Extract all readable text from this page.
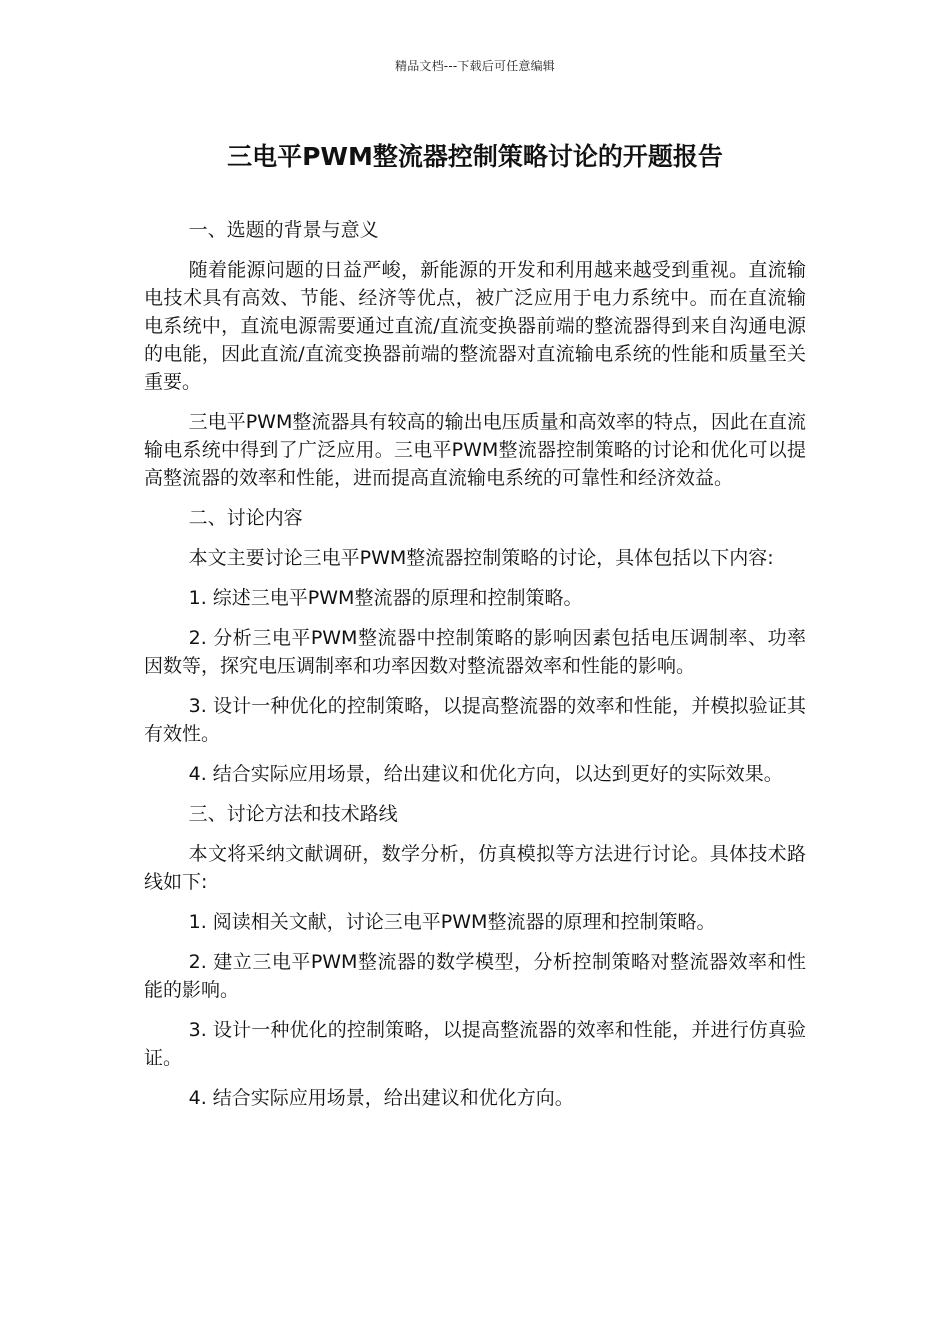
精品文档---下载后可任意编辑
三电平PWM整流器控制策略讨论的开题报告

一、选题的背景与意义

随着能源问题的日益严峻，新能源的开发和利用越来越受到重视。直流输电技术具有高效、节能、经济等优点，被广泛应用于电力系统中。而在直流输电系统中，直流电源需要通过直流/直流变换器前端的整流器得到来自沟通电源的电能，因此直流/直流变换器前端的整流器对直流输电系统的性能和质量至关重要。

三电平PWM整流器具有较高的输出电压质量和高效率的特点，因此在直流输电系统中得到了广泛应用。三电平PWM整流器控制策略的讨论和优化可以提高整流器的效率和性能，进而提高直流输电系统的可靠性和经济效益。

二、讨论内容

本文主要讨论三电平PWM整流器控制策略的讨论，具体包括以下内容:

1. 综述三电平PWM整流器的原理和控制策略。

2. 分析三电平PWM整流器中控制策略的影响因素包括电压调制率、功率因数等，探究电压调制率和功率因数对整流器效率和性能的影响。

3. 设计一种优化的控制策略，以提高整流器的效率和性能，并模拟验证其有效性。

4. 结合实际应用场景，给出建议和优化方向，以达到更好的实际效果。

三、讨论方法和技术路线

本文将采纳文献调研，数学分析，仿真模拟等方法进行讨论。具体技术路线如下:

1. 阅读相关文献，讨论三电平PWM整流器的原理和控制策略。

2. 建立三电平PWM整流器的数学模型，分析控制策略对整流器效率和性能的影响。

3. 设计一种优化的控制策略，以提高整流器的效率和性能，并进行仿真验证。

4. 结合实际应用场景，给出建议和优化方向。
